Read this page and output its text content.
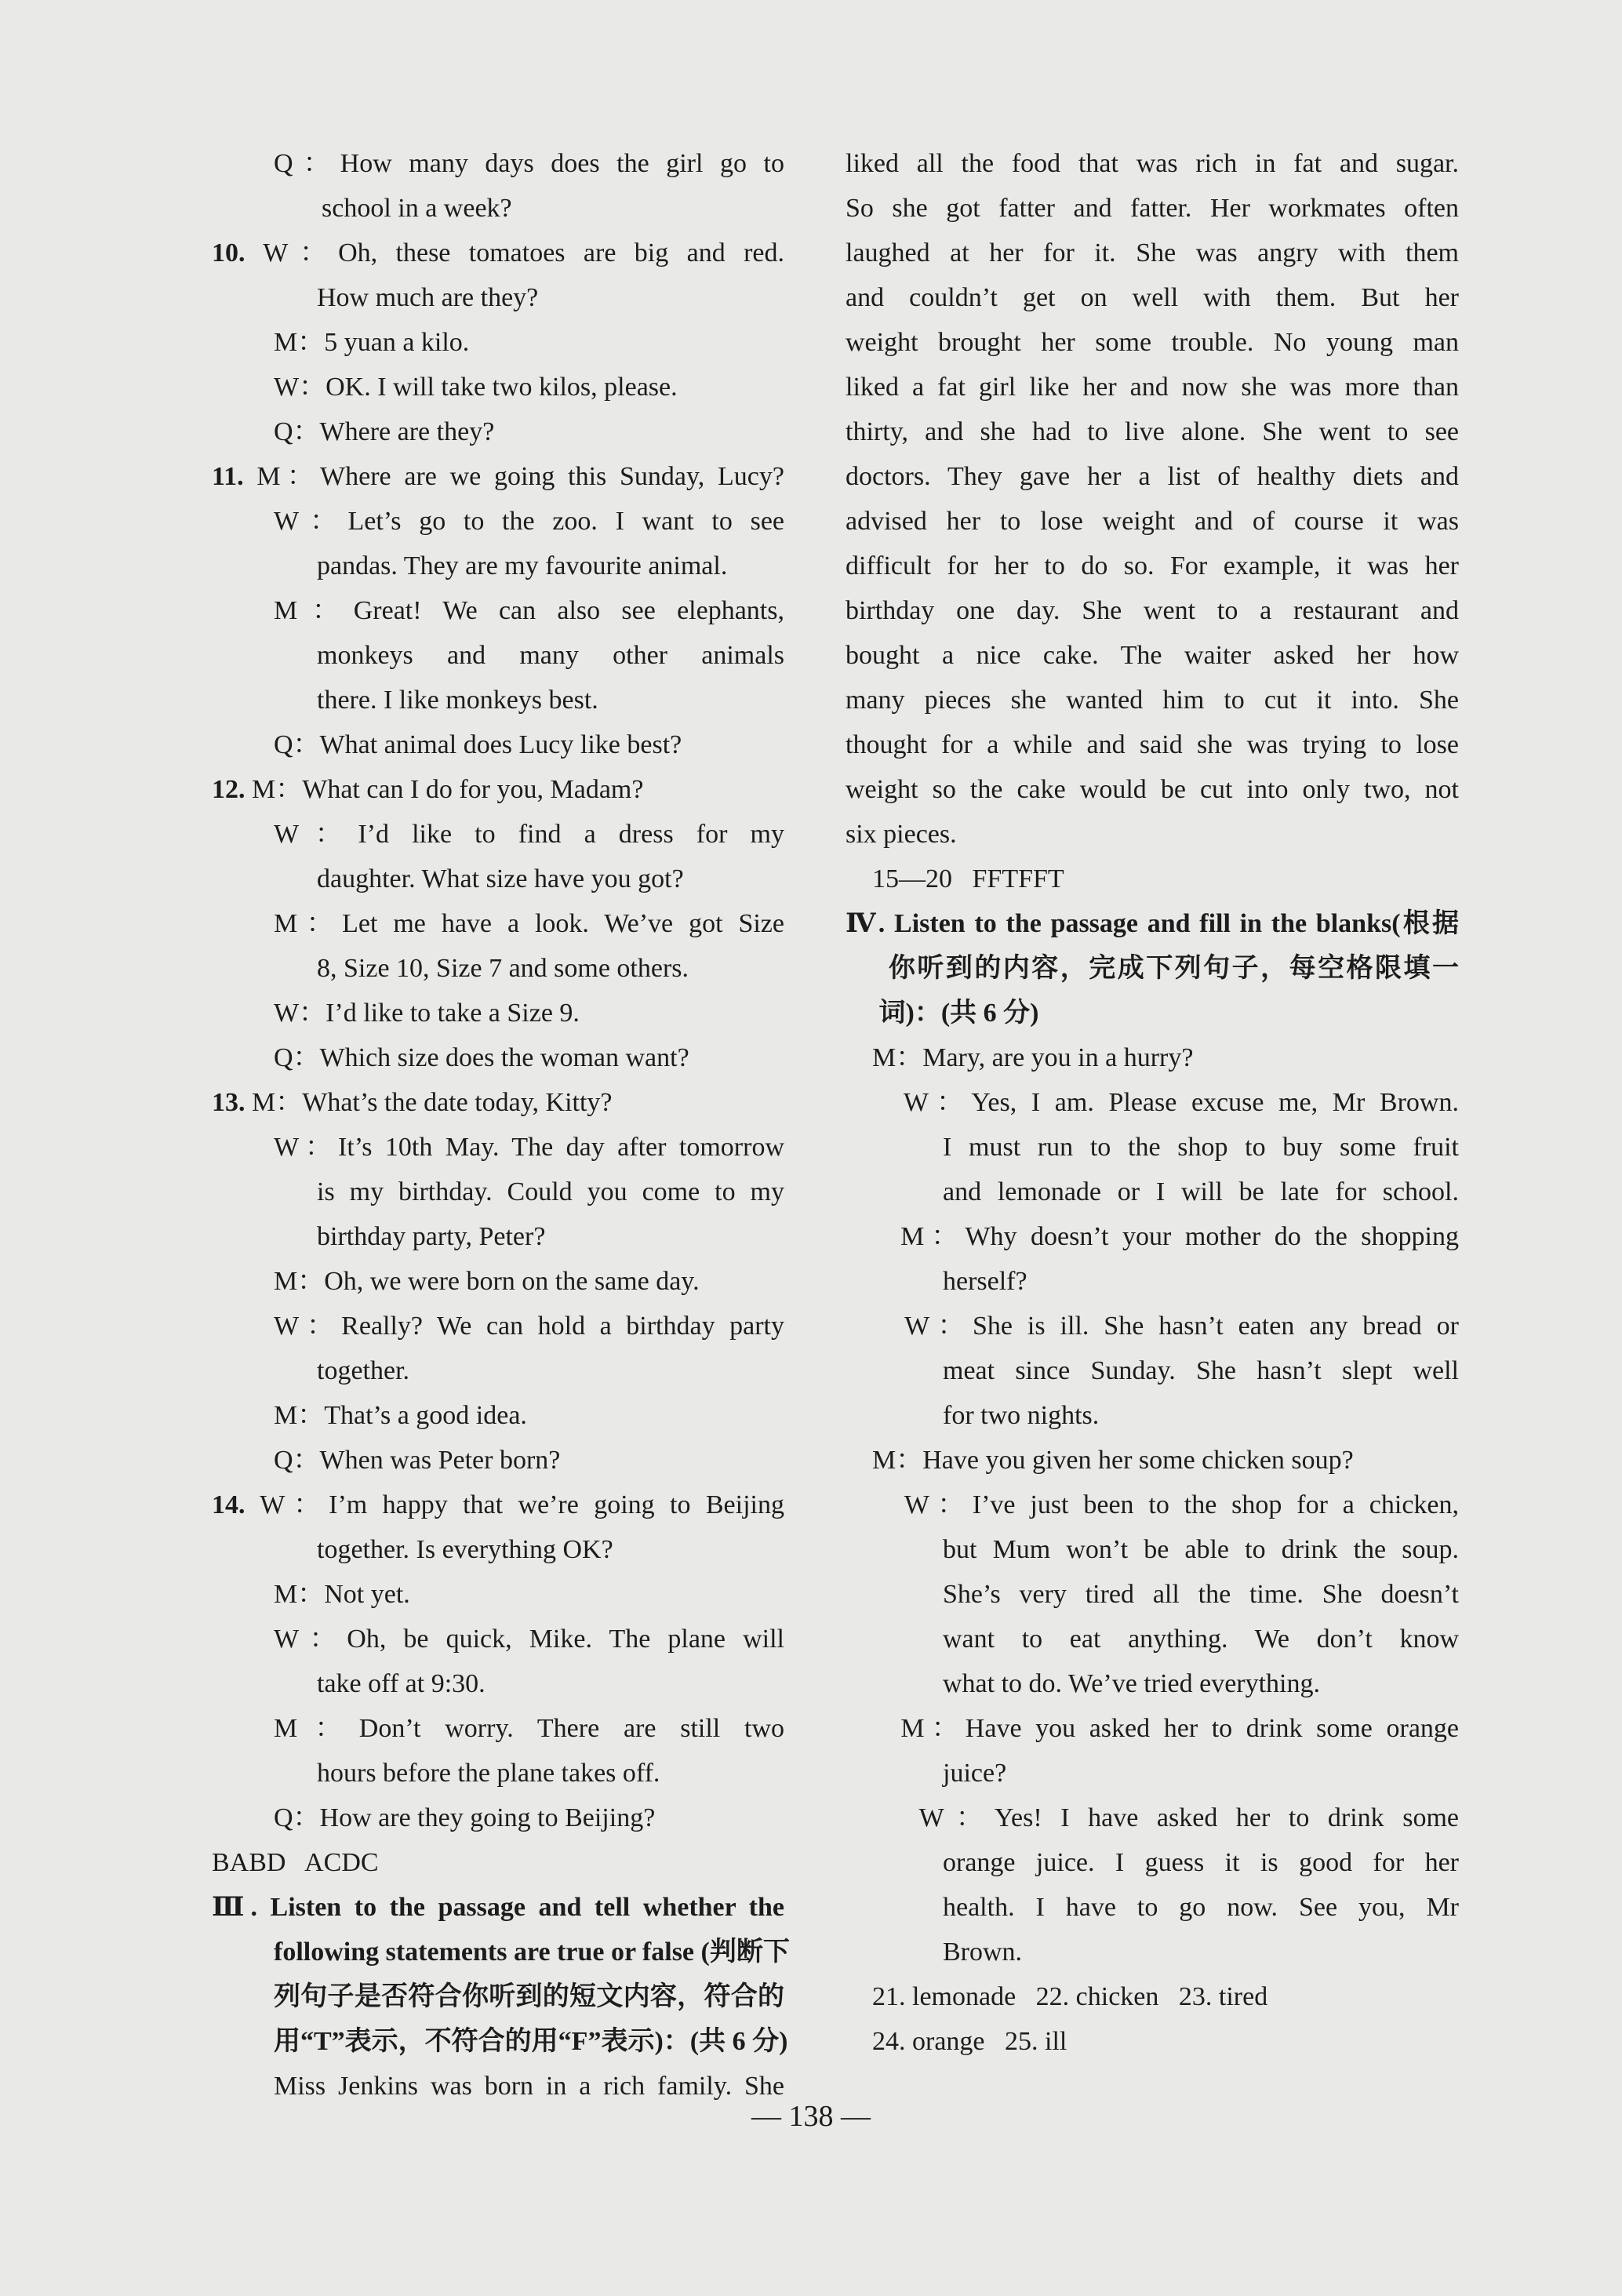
Q：How many days does the girl go to
school in a week?
10. W：Oh, these tomatoes are big and red.
How much are they?
M：5 yuan a kilo.
W：OK. I will take two kilos, please.
Q：Where are they?
11. M：Where are we going this Sunday, Lucy?
W：Let’s go to the zoo. I want to see
pandas. They are my favourite animal.
M：Great! We can also see elephants,
monkeys and many other animals
there. I like monkeys best.
Q：What animal does Lucy like best?
12. M：What can I do for you, Madam?
W：I’d like to find a dress for my
daughter. What size have you got?
M：Let me have a look. We’ve got Size
8, Size 10, Size 7 and some others.
W：I’d like to take a Size 9.
Q：Which size does the woman want?
13. M：What’s the date today, Kitty?
W：It’s 10th May. The day after tomorrow
is my birthday. Could you come to my
birthday party, Peter?
M：Oh, we were born on the same day.
W：Really? We can hold a birthday party
together.
M：That’s a good idea.
Q：When was Peter born?
14. W：I’m happy that we’re going to Beijing
together. Is everything OK?
M：Not yet.
W：Oh, be quick, Mike. The plane will
take off at 9:30.
M：Don’t worry. There are still two
hours before the plane takes off.
Q：How are they going to Beijing?
BABD   ACDC
Ⅲ. Listen to the passage and tell whether the
following statements are true or false (判断下
列句子是否符合你听到的短文内容，符合的
用“T”表示，不符合的用“F”表示)：(共 6 分)
Miss Jenkins was born in a rich family. She
liked all the food that was rich in fat and sugar.
So she got fatter and fatter. Her workmates often
laughed at her for it. She was angry with them
and couldn’t get on well with them. But her
weight brought her some trouble. No young man
liked a fat girl like her and now she was more than
thirty, and she had to live alone. She went to see
doctors. They gave her a list of healthy diets and
advised her to lose weight and of course it was
difficult for her to do so. For example, it was her
birthday one day. She went to a restaurant and
bought a nice cake. The waiter asked her how
many pieces she wanted him to cut it into. She
thought for a while and said she was trying to lose
weight so the cake would be cut into only two, not
six pieces.
15—20   FFTFFT
Ⅳ. Listen to the passage and fill in the blanks(根据
你听到的内容，完成下列句子，每空格限填一
词)：(共 6 分)
M：Mary, are you in a hurry?
W：Yes, I am. Please excuse me, Mr Brown.
I must run to the shop to buy some fruit
and lemonade or I will be late for school.
M：Why doesn’t your mother do the shopping
herself?
W：She is ill. She hasn’t eaten any bread or
meat since Sunday. She hasn’t slept well
for two nights.
M：Have you given her some chicken soup?
W：I’ve just been to the shop for a chicken,
but Mum won’t be able to drink the soup.
She’s very tired all the time. She doesn’t
want to eat anything. We don’t know
what to do. We’ve tried everything.
M：Have you asked her to drink some orange
juice?
W：Yes! I have asked her to drink some
orange juice. I guess it is good for her
health. I have to go now. See you, Mr
Brown.
21. lemonade   22. chicken   23. tired
24. orange   25. ill
— 138 —
